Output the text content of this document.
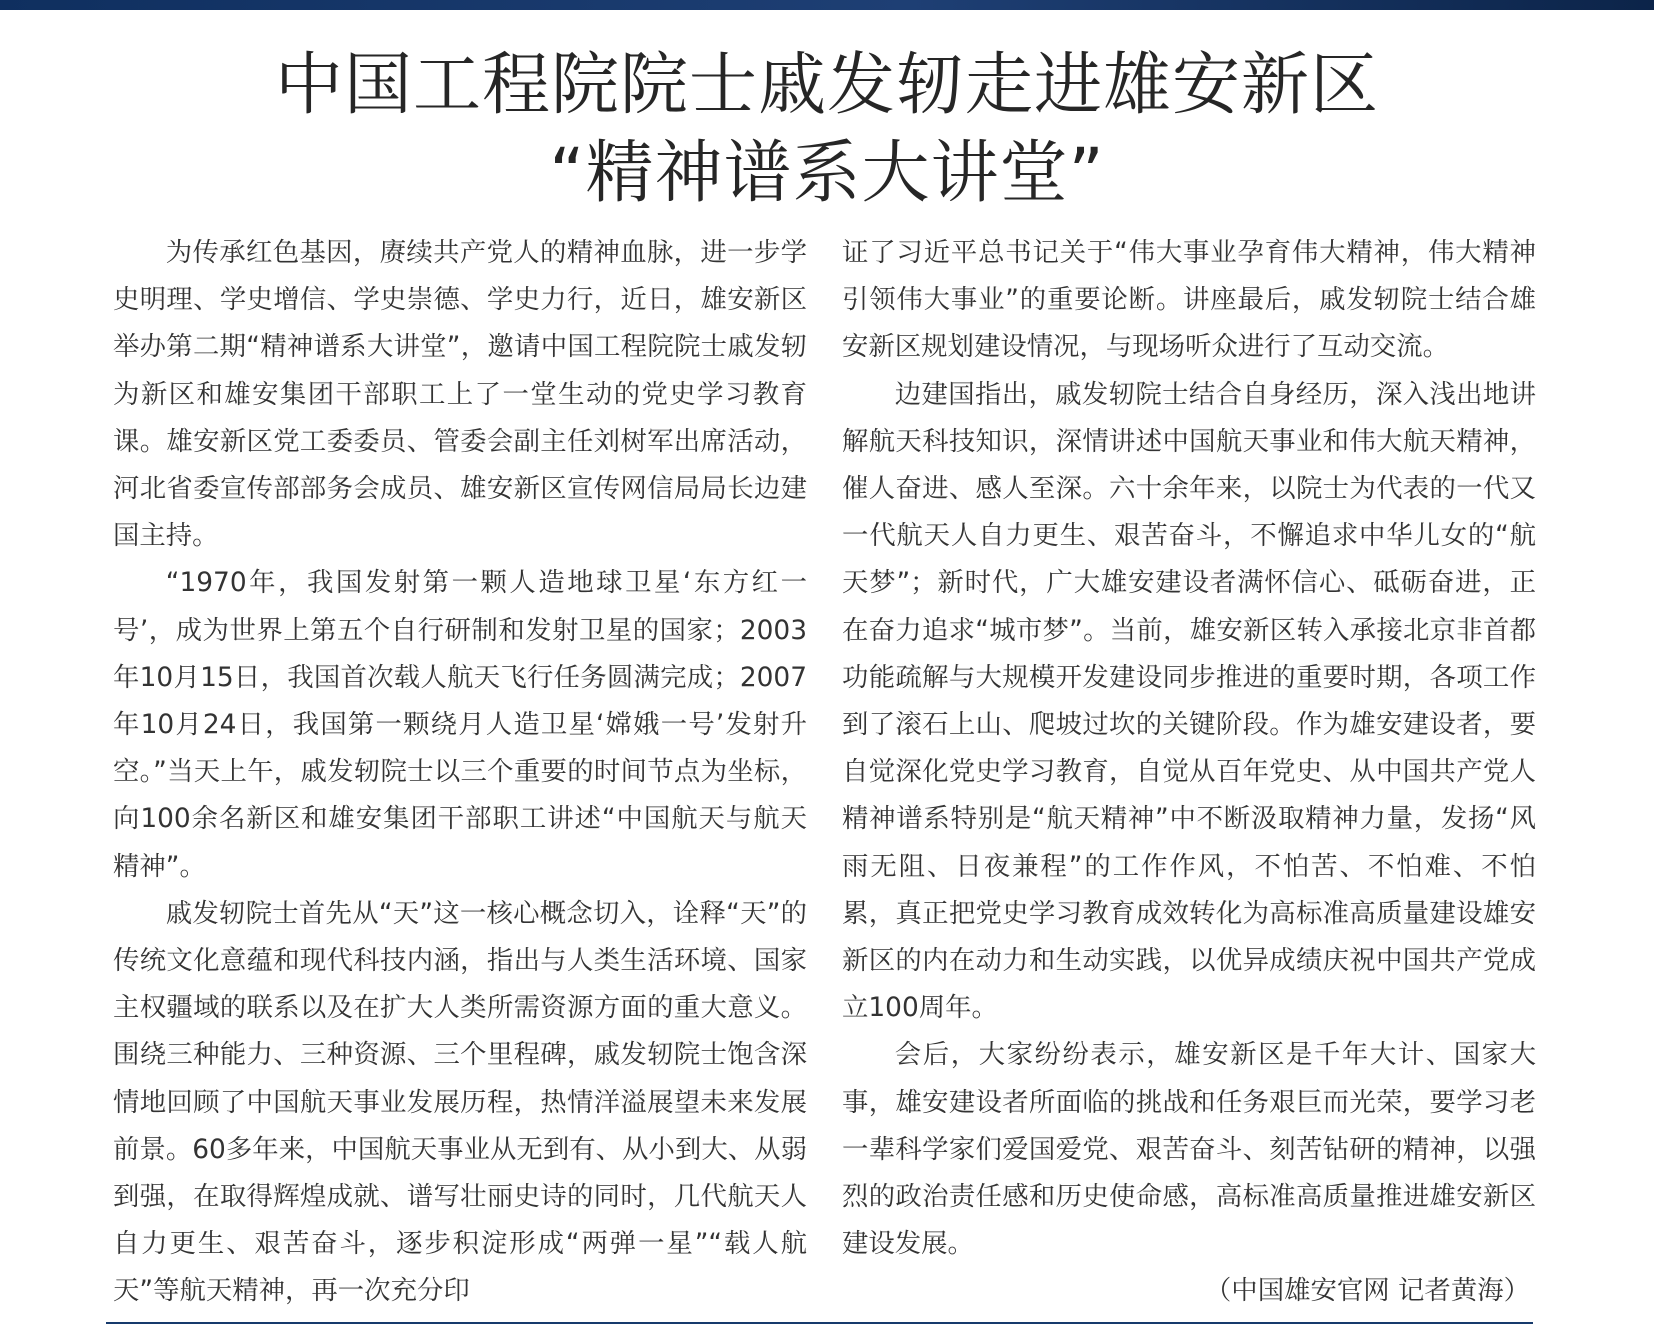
中国工程院院士戚发轫走进雄安新区
“精神谱系大讲堂”

为传承红色基因，赓续共产党人的精神血脉，进一步学史明理、学史增信、学史崇德、学史力行，近日，雄安新区举办第二期“精神谱系大讲堂”，邀请中国工程院院士戚发轫为新区和雄安集团干部职工上了一堂生动的党史学习教育课。雄安新区党工委委员、管委会副主任刘树军出席活动，河北省委宣传部部务会成员、雄安新区宣传网信局局长边建国主持。

“1970年，我国发射第一颗人造地球卫星‘东方红一号’，成为世界上第五个自行研制和发射卫星的国家；2003年10月15日，我国首次载人航天飞行任务圆满完成；2007年10月24日，我国第一颗绕月人造卫星‘嫦娥一号’发射升空。”当天上午，戚发轫院士以三个重要的时间节点为坐标，向100余名新区和雄安集团干部职工讲述“中国航天与航天精神”。

戚发轫院士首先从“天”这一核心概念切入，诠释“天”的传统文化意蕴和现代科技内涵，指出与人类生活环境、国家主权疆域的联系以及在扩大人类所需资源方面的重大意义。围绕三种能力、三种资源、三个里程碑，戚发轫院士饱含深情地回顾了中国航天事业发展历程，热情洋溢展望未来发展前景。60多年来，中国航天事业从无到有、从小到大、从弱到强，在取得辉煌成就、谱写壮丽史诗的同时，几代航天人自力更生、艰苦奋斗，逐步积淀形成“两弹一星”“载人航天”等航天精神，再一次充分印

证了习近平总书记关于“伟大事业孕育伟大精神，伟大精神引领伟大事业”的重要论断。讲座最后，戚发轫院士结合雄安新区规划建设情况，与现场听众进行了互动交流。

边建国指出，戚发轫院士结合自身经历，深入浅出地讲解航天科技知识，深情讲述中国航天事业和伟大航天精神，催人奋进、感人至深。六十余年来，以院士为代表的一代又一代航天人自力更生、艰苦奋斗，不懈追求中华儿女的“航天梦”；新时代，广大雄安建设者满怀信心、砥砺奋进，正在奋力追求“城市梦”。当前，雄安新区转入承接北京非首都功能疏解与大规模开发建设同步推进的重要时期，各项工作到了滚石上山、爬坡过坎的关键阶段。作为雄安建设者，要自觉深化党史学习教育，自觉从百年党史、从中国共产党人精神谱系特别是“航天精神”中不断汲取精神力量，发扬“风雨无阻、日夜兼程”的工作作风，不怕苦、不怕难、不怕累，真正把党史学习教育成效转化为高标准高质量建设雄安新区的内在动力和生动实践，以优异成绩庆祝中国共产党成立100周年。

会后，大家纷纷表示，雄安新区是千年大计、国家大事，雄安建设者所面临的挑战和任务艰巨而光荣，要学习老一辈科学家们爱国爱党、艰苦奋斗、刻苦钻研的精神，以强烈的政治责任感和历史使命感，高标准高质量推进雄安新区建设发展。

（中国雄安官网 记者黄海）
